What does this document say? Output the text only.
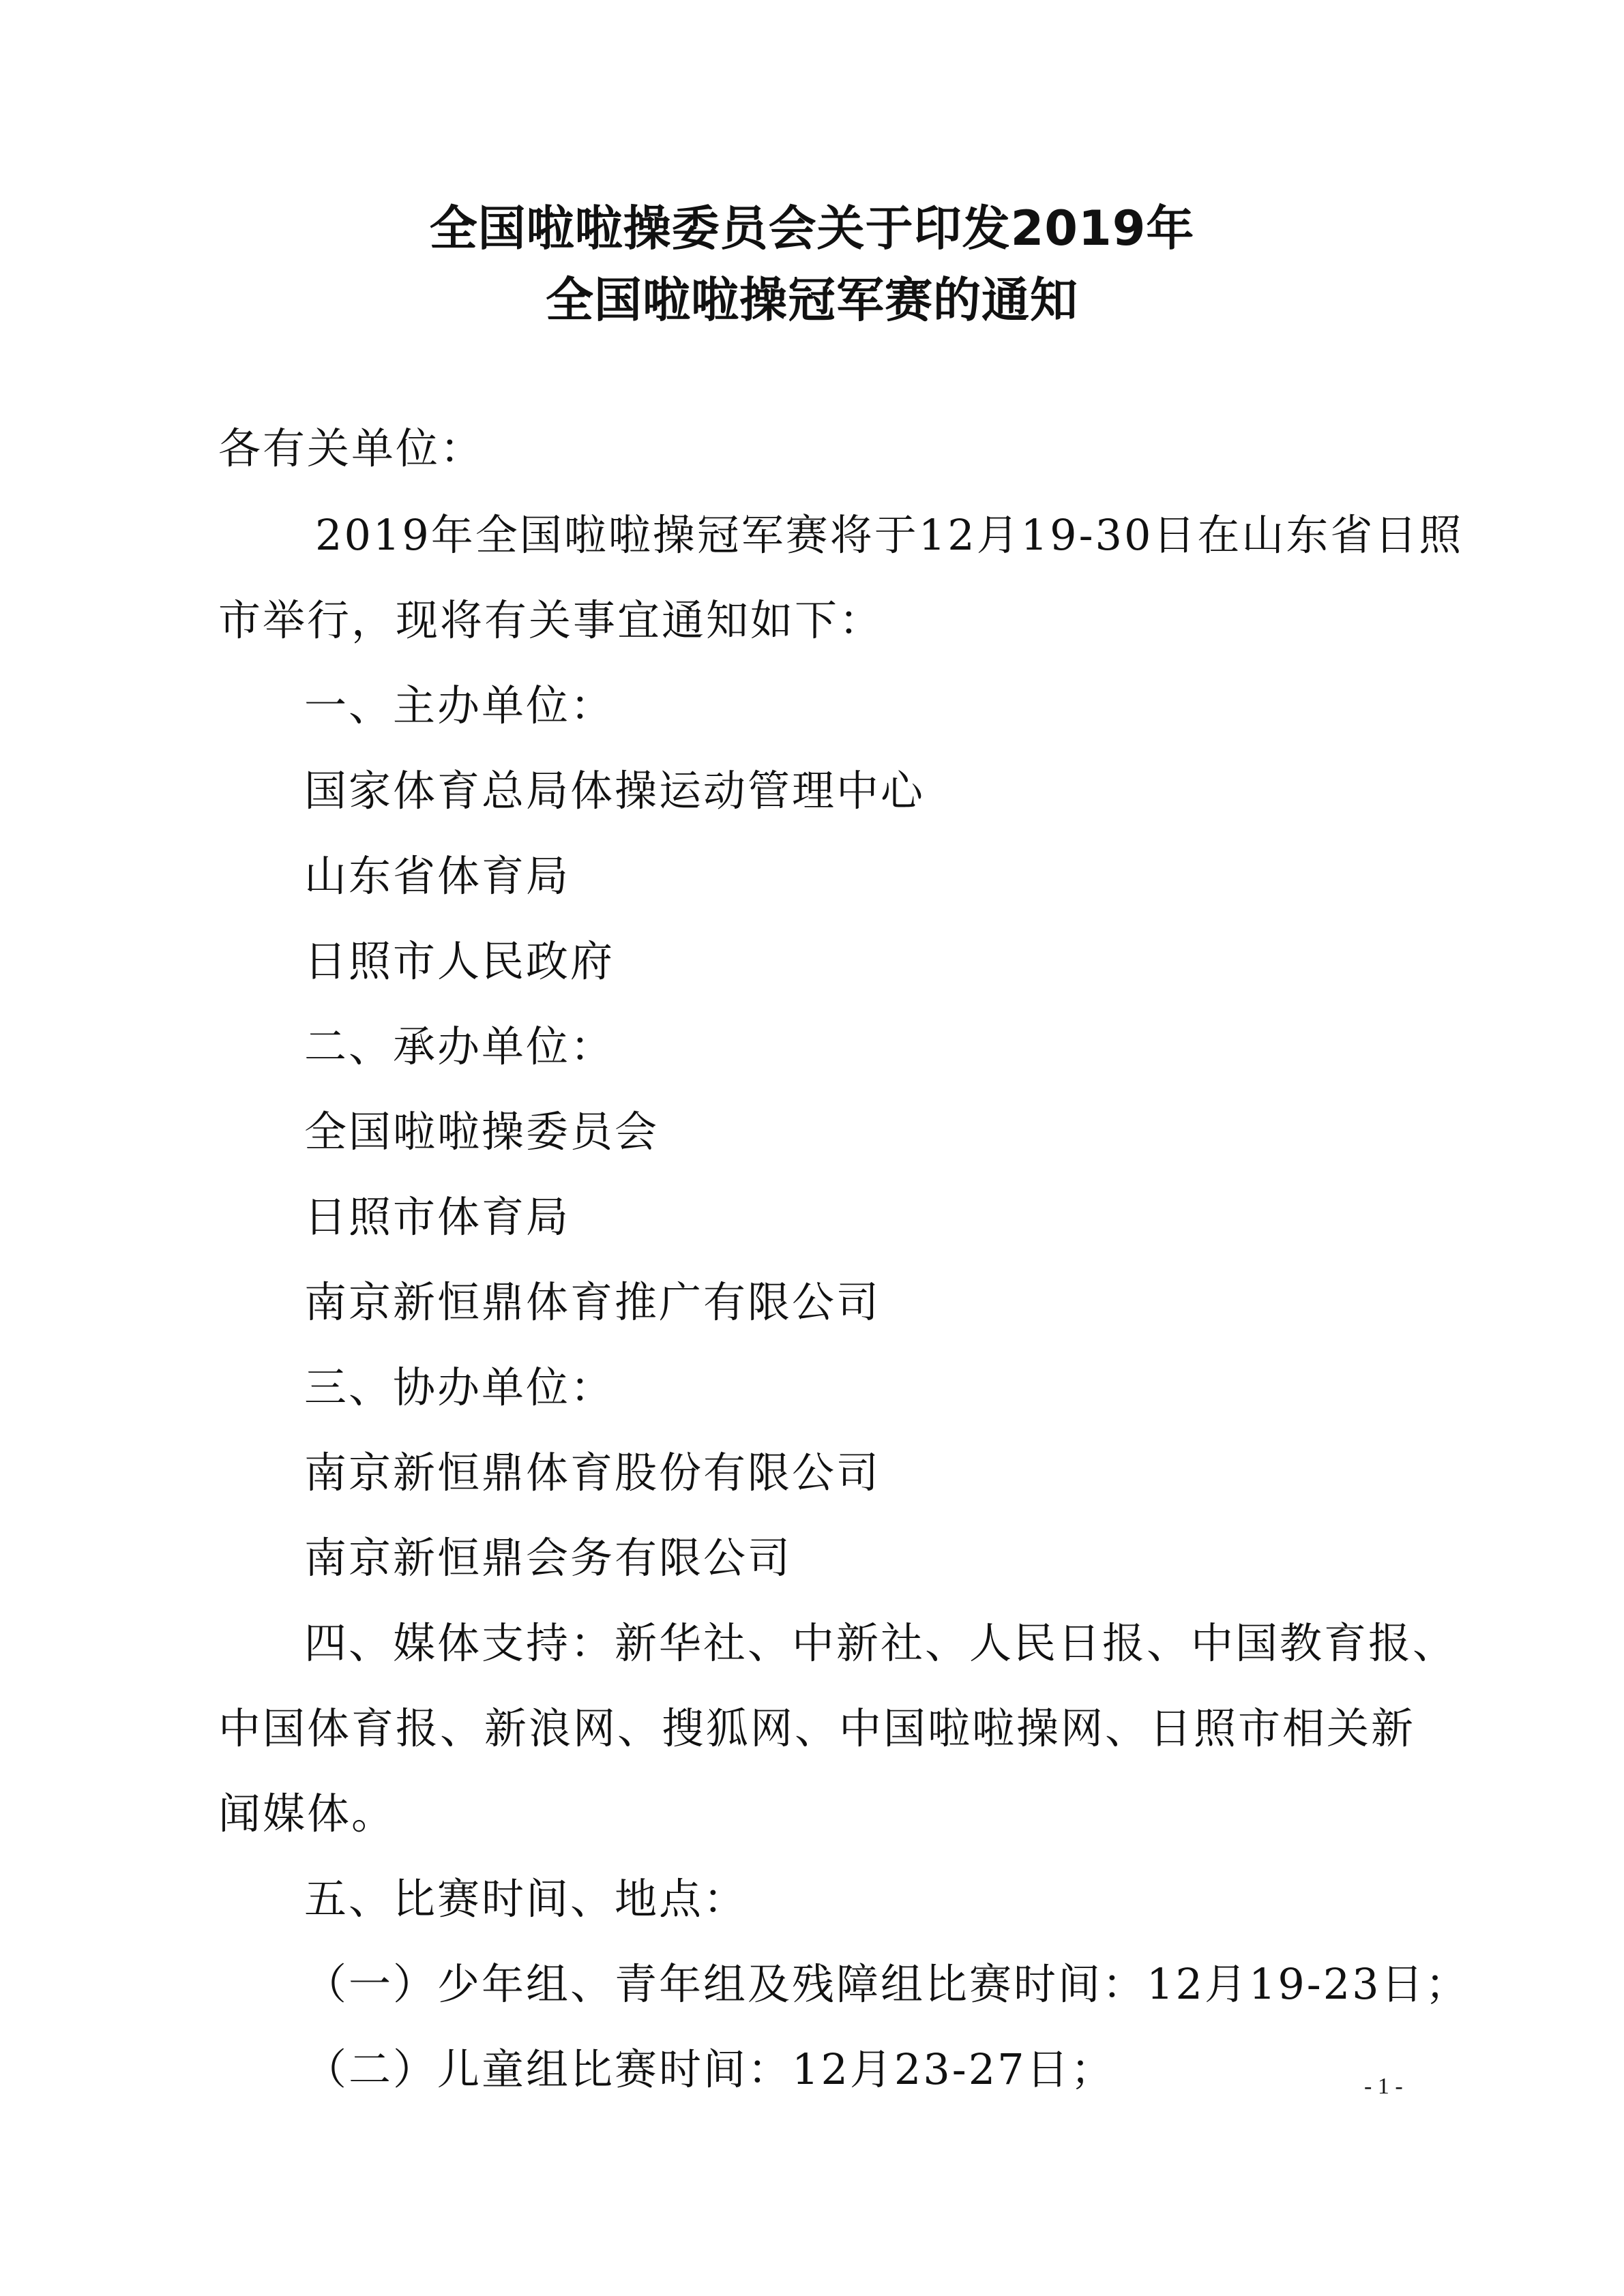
全国啦啦操委员会关于印发2019年
全国啦啦操冠军赛的通知
各有关单位：
2019年全国啦啦操冠军赛将于12月19-30日在山东省日照
市举行，现将有关事宜通知如下：
一、主办单位：
国家体育总局体操运动管理中心
山东省体育局
日照市人民政府
二、承办单位：
全国啦啦操委员会
日照市体育局
南京新恒鼎体育推广有限公司
三、协办单位：
南京新恒鼎体育股份有限公司
南京新恒鼎会务有限公司
四、媒体支持：新华社、中新社、人民日报、中国教育报、
中国体育报、新浪网、搜狐网、中国啦啦操网、日照市相关新
闻媒体。
五、比赛时间、地点：
（一）少年组、青年组及残障组比赛时间：12月19-23日；
（二）儿童组比赛时间：12月23-27日；	- 1 -
